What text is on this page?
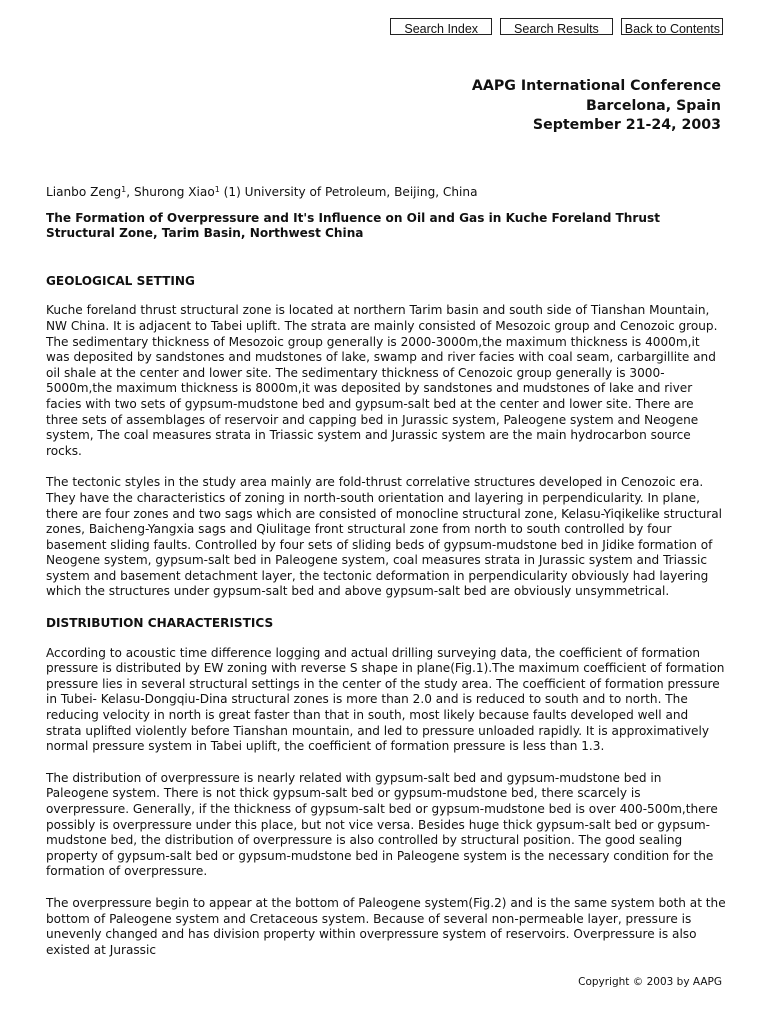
Search Index	Search Results	Back to Contents
AAPG International Conference
Barcelona, Spain
September 21-24, 2003

Lianbo Zeng$^1$, Shurong Xiao$^1$ (1) University of Petroleum, Beijing, China

The Formation of Overpressure and It's Influence on Oil and Gas in Kuche Foreland Thrust Structural Zone, Tarim Basin, Northwest China

GEOLOGICAL SETTING

Kuche foreland thrust structural zone is located at northern Tarim basin and south side of Tianshan Mountain, NW China. It is adjacent to Tabei uplift. The strata are mainly consisted of Mesozoic group and Cenozoic group. The sedimentary thickness of Mesozoic group generally is 2000-3000m,the maximum thickness is 4000m,it was deposited by sandstones and mudstones of lake, swamp and river facies with coal seam, carbargillite and oil shale at the center and lower site. The sedimentary thickness of Cenozoic group generally is 3000-5000m,the maximum thickness is 8000m,it was deposited by sandstones and mudstones of lake and river facies with two sets of gypsum-mudstone bed and gypsum-salt bed at the center and lower site. There are three sets of assemblages of reservoir and capping bed in Jurassic system, Paleogene system and Neogene system, The coal measures strata in Triassic system and Jurassic system are the main hydrocarbon source rocks.

The tectonic styles in the study area mainly are fold-thrust correlative structures developed in Cenozoic era. They have the characteristics of zoning in north-south orientation and layering in perpendicularity. In plane, there are four zones and two sags which are consisted of monocline structural zone, Kelasu-Yiqikelike structural zones, Baicheng-Yangxia sags and Qiulitage front structural zone from north to south controlled by four basement sliding faults. Controlled by four sets of sliding beds of gypsum-mudstone bed in Jidike formation of Neogene system, gypsum-salt bed in Paleogene system, coal measures strata in Jurassic system and Triassic system and basement detachment layer, the tectonic deformation in perpendicularity obviously had layering which the structures under gypsum-salt bed and above gypsum-salt bed are obviously unsymmetrical.

DISTRIBUTION CHARACTERISTICS

According to acoustic time difference logging and actual drilling surveying data, the coefficient of formation pressure is distributed by EW zoning with reverse S shape in plane(Fig.1).The maximum coefficient of formation pressure lies in several structural settings in the center of the study area. The coefficient of formation pressure in Tubei- Kelasu-Dongqiu-Dina structural zones is more than 2.0 and is reduced to south and to north. The reducing velocity in north is great faster than that in south, most likely because faults developed well and strata uplifted violently before Tianshan mountain, and led to pressure unloaded rapidly. It is approximatively normal pressure system in Tabei uplift, the coefficient of formation pressure is less than 1.3.

The distribution of overpressure is nearly related with gypsum-salt bed and gypsum-mudstone bed in Paleogene system. There is not thick gypsum-salt bed or gypsum-mudstone bed, there scarcely is overpressure. Generally, if the thickness of gypsum-salt bed or gypsum-mudstone bed is over 400-500m,there possibly is overpressure under this place, but not vice versa. Besides huge thick gypsum-salt bed or gypsum-mudstone bed, the distribution of overpressure is also controlled by structural position. The good sealing property of gypsum-salt bed or gypsum-mudstone bed in Paleogene system is the necessary condition for the formation of overpressure.

The overpressure begin to appear at the bottom of Paleogene system(Fig.2) and is the same system both at the bottom of Paleogene system and Cretaceous system. Because of several non-permeable layer, pressure is unevenly changed and has division property within overpressure system of reservoirs. Overpressure is also existed at Jurassic

Copyright © 2003 by AAPG
